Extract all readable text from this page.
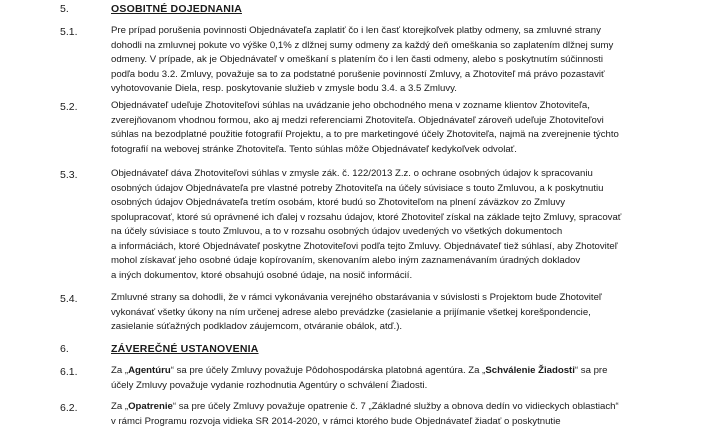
5.	OSOBITNÉ DOJEDNANIA
5.1.	Pre prípad porušenia povinnosti Objednávateľa zaplatiť čo i len časť ktorejkoľvek platby odmeny, sa zmluvné strany

dohodli na zmluvnej pokute vo výške 0,1% z dlžnej sumy odmeny za každý deň omeškania so zaplatením dlžnej sumy

odmeny. V prípade, ak je Objednávateľ v omeškaní s platením čo i len časti odmeny, alebo s poskytnutím súčinnosti

podľa bodu 3.2. Zmluvy, považuje sa to za podstatné porušenie povinností Zmluvy, a Zhotoviteľ má právo pozastaviť

vyhotovovanie Diela, resp. poskytovanie služieb v zmysle bodu 3.4. a 3.5 Zmluvy.

5.2.	Objednávateľ udeľuje Zhotoviteľovi súhlas na uvádzanie jeho obchodného mena v zozname klientov Zhotoviteľa,

zverejňovanom vhodnou formou, ako aj medzi referenciami Zhotoviteľa. Objednávateľ zároveň udeľuje Zhotoviteľovi

súhlas na bezodplatné použitie fotografií Projektu, a to pre marketingové účely Zhotoviteľa, najmä na zverejnenie týchto

fotografií na webovej stránke Zhotoviteľa. Tento súhlas môže Objednávateľ kedykoľvek odvolať.

5.3.	Objednávateľ dáva Zhotoviteľovi súhlas v zmysle zák. č. 122/2013 Z.z. o ochrane osobných údajov k spracovaniu

osobných údajov Objednávateľa pre vlastné potreby Zhotoviteľa na účely súvisiace s touto Zmluvou, a k poskytnutiu

osobných údajov Objednávateľa tretím osobám, ktoré budú so Zhotoviteľom na plnení záväzkov zo Zmluvy

spolupracovať, ktoré sú oprávnené ich ďalej v rozsahu údajov, ktoré Zhotoviteľ získal na základe tejto Zmluvy, spracovať

na účely súvisiace s touto Zmluvou, a to v rozsahu osobných údajov uvedených vo všetkých dokumentoch

a informáciách, ktoré Objednávateľ poskytne Zhotoviteľovi podľa tejto Zmluvy. Objednávateľ tiež súhlasí, aby Zhotoviteľ

mohol získavať jeho osobné údaje kopírovaním, skenovaním alebo iným zaznamenávaním úradných dokladov

a iných dokumentov, ktoré obsahujú osobné údaje, na nosič informácií.

5.4.	Zmluvné strany sa dohodli, že v rámci vykonávania verejného obstarávania v súvislosti s Projektom bude Zhotoviteľ

vykonávať všetky úkony na ním určenej adrese alebo prevádzke (zasielanie a prijímanie všetkej korešpondencie,

zasielanie súťažných podkladov záujemcom, otváranie obálok, atď.).

6.	ZÁVEREČNÉ USTANOVENIA
6.1.	Za „Agentúru“ sa pre účely Zmluvy považuje Pôdohospodárska platobná agentúra. Za „Schválenie Žiadosti“ sa pre

účely Zmluvy považuje vydanie rozhodnutia Agentúry o schválení Žiadosti.

6.2.	Za „Opatrenie“ sa pre účely Zmluvy považuje opatrenie č. 7 „Základné služby a obnova dedín vo vidieckych oblastiach“

v rámci Programu rozvoja vidieka SR 2014-2020, v rámci ktorého bude Objednávateľ žiadať o poskytnutie
